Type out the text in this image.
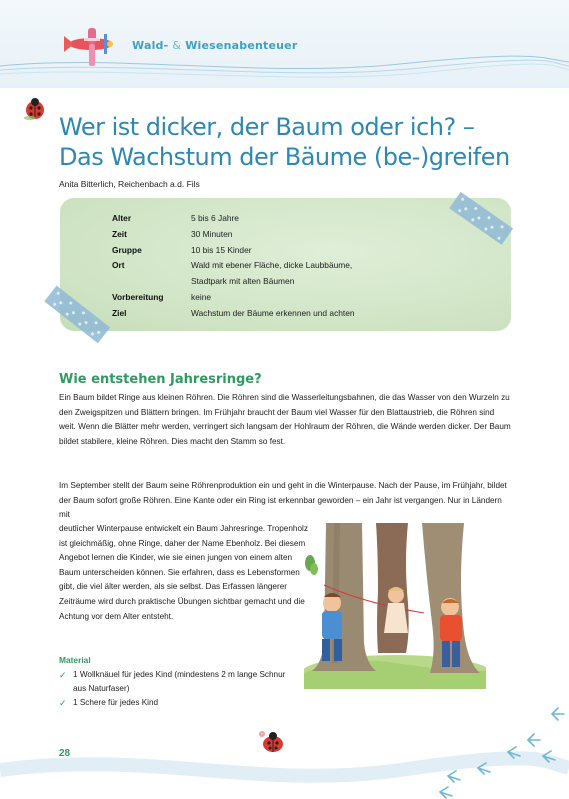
Wald- & Wiesenabenteuer
Wer ist dicker, der Baum oder ich? –
Das Wachstum der Bäume (be-)greifen
Anita Bitterlich, Reichenbach a.d. Fils
Alter	5 bis 6 Jahre
Zeit	30 Minuten
Gruppe	10 bis 15 Kinder
Ort	Wald mit ebener Fläche, dicke Laubbäume,
	Stadtpark mit alten Bäumen
Vorbereitung	keine
Ziel	Wachstum der Bäume erkennen und achten
Wie entstehen Jahresringe?

Ein Baum bildet Ringe aus kleinen Röhren. Die Röhren sind die Wasserleitungsbahnen, die das Wasser von den Wurzeln zu den Zweigspitzen und Blättern bringen. Im Frühjahr braucht der Baum viel Wasser für den Blattaustrieb, die Röhren sind weit. Wenn die Blätter mehr werden, verringert sich langsam der Hohlraum der Röhren, die Wände werden dicker. Der Baum bildet stabilere, kleine Röhren. Dies macht den Stamm so fest.

Im September stellt der Baum seine Röhrenproduktion ein und geht in die Winterpause. Nach der Pause, im Frühjahr, bildet der Baum sofort große Röhren. Eine Kante oder ein Ring ist erkennbar geworden – ein Jahr ist vergangen. Nur in Ländern mit

deutlicher Winterpause entwickelt ein Baum Jahresringe. Tropenholz ist gleichmäßig, ohne Ringe, daher der Name Ebenholz. Bei diesem Angebot lernen die Kinder, wie sie einen jungen von einem alten Baum unterscheiden können. Sie erfahren, dass es Lebensformen gibt, die viel älter werden, als sie selbst. Das Erfassen längerer Zeiträume wird durch praktische Übungen sichtbar gemacht und die Achtung vor dem Alter entsteht.

Material
✓ 1 Wollknäuel für jedes Kind (mindestens 2 m lange Schnur aus Naturfaser)
✓ 1 Schere für jedes Kind
28
